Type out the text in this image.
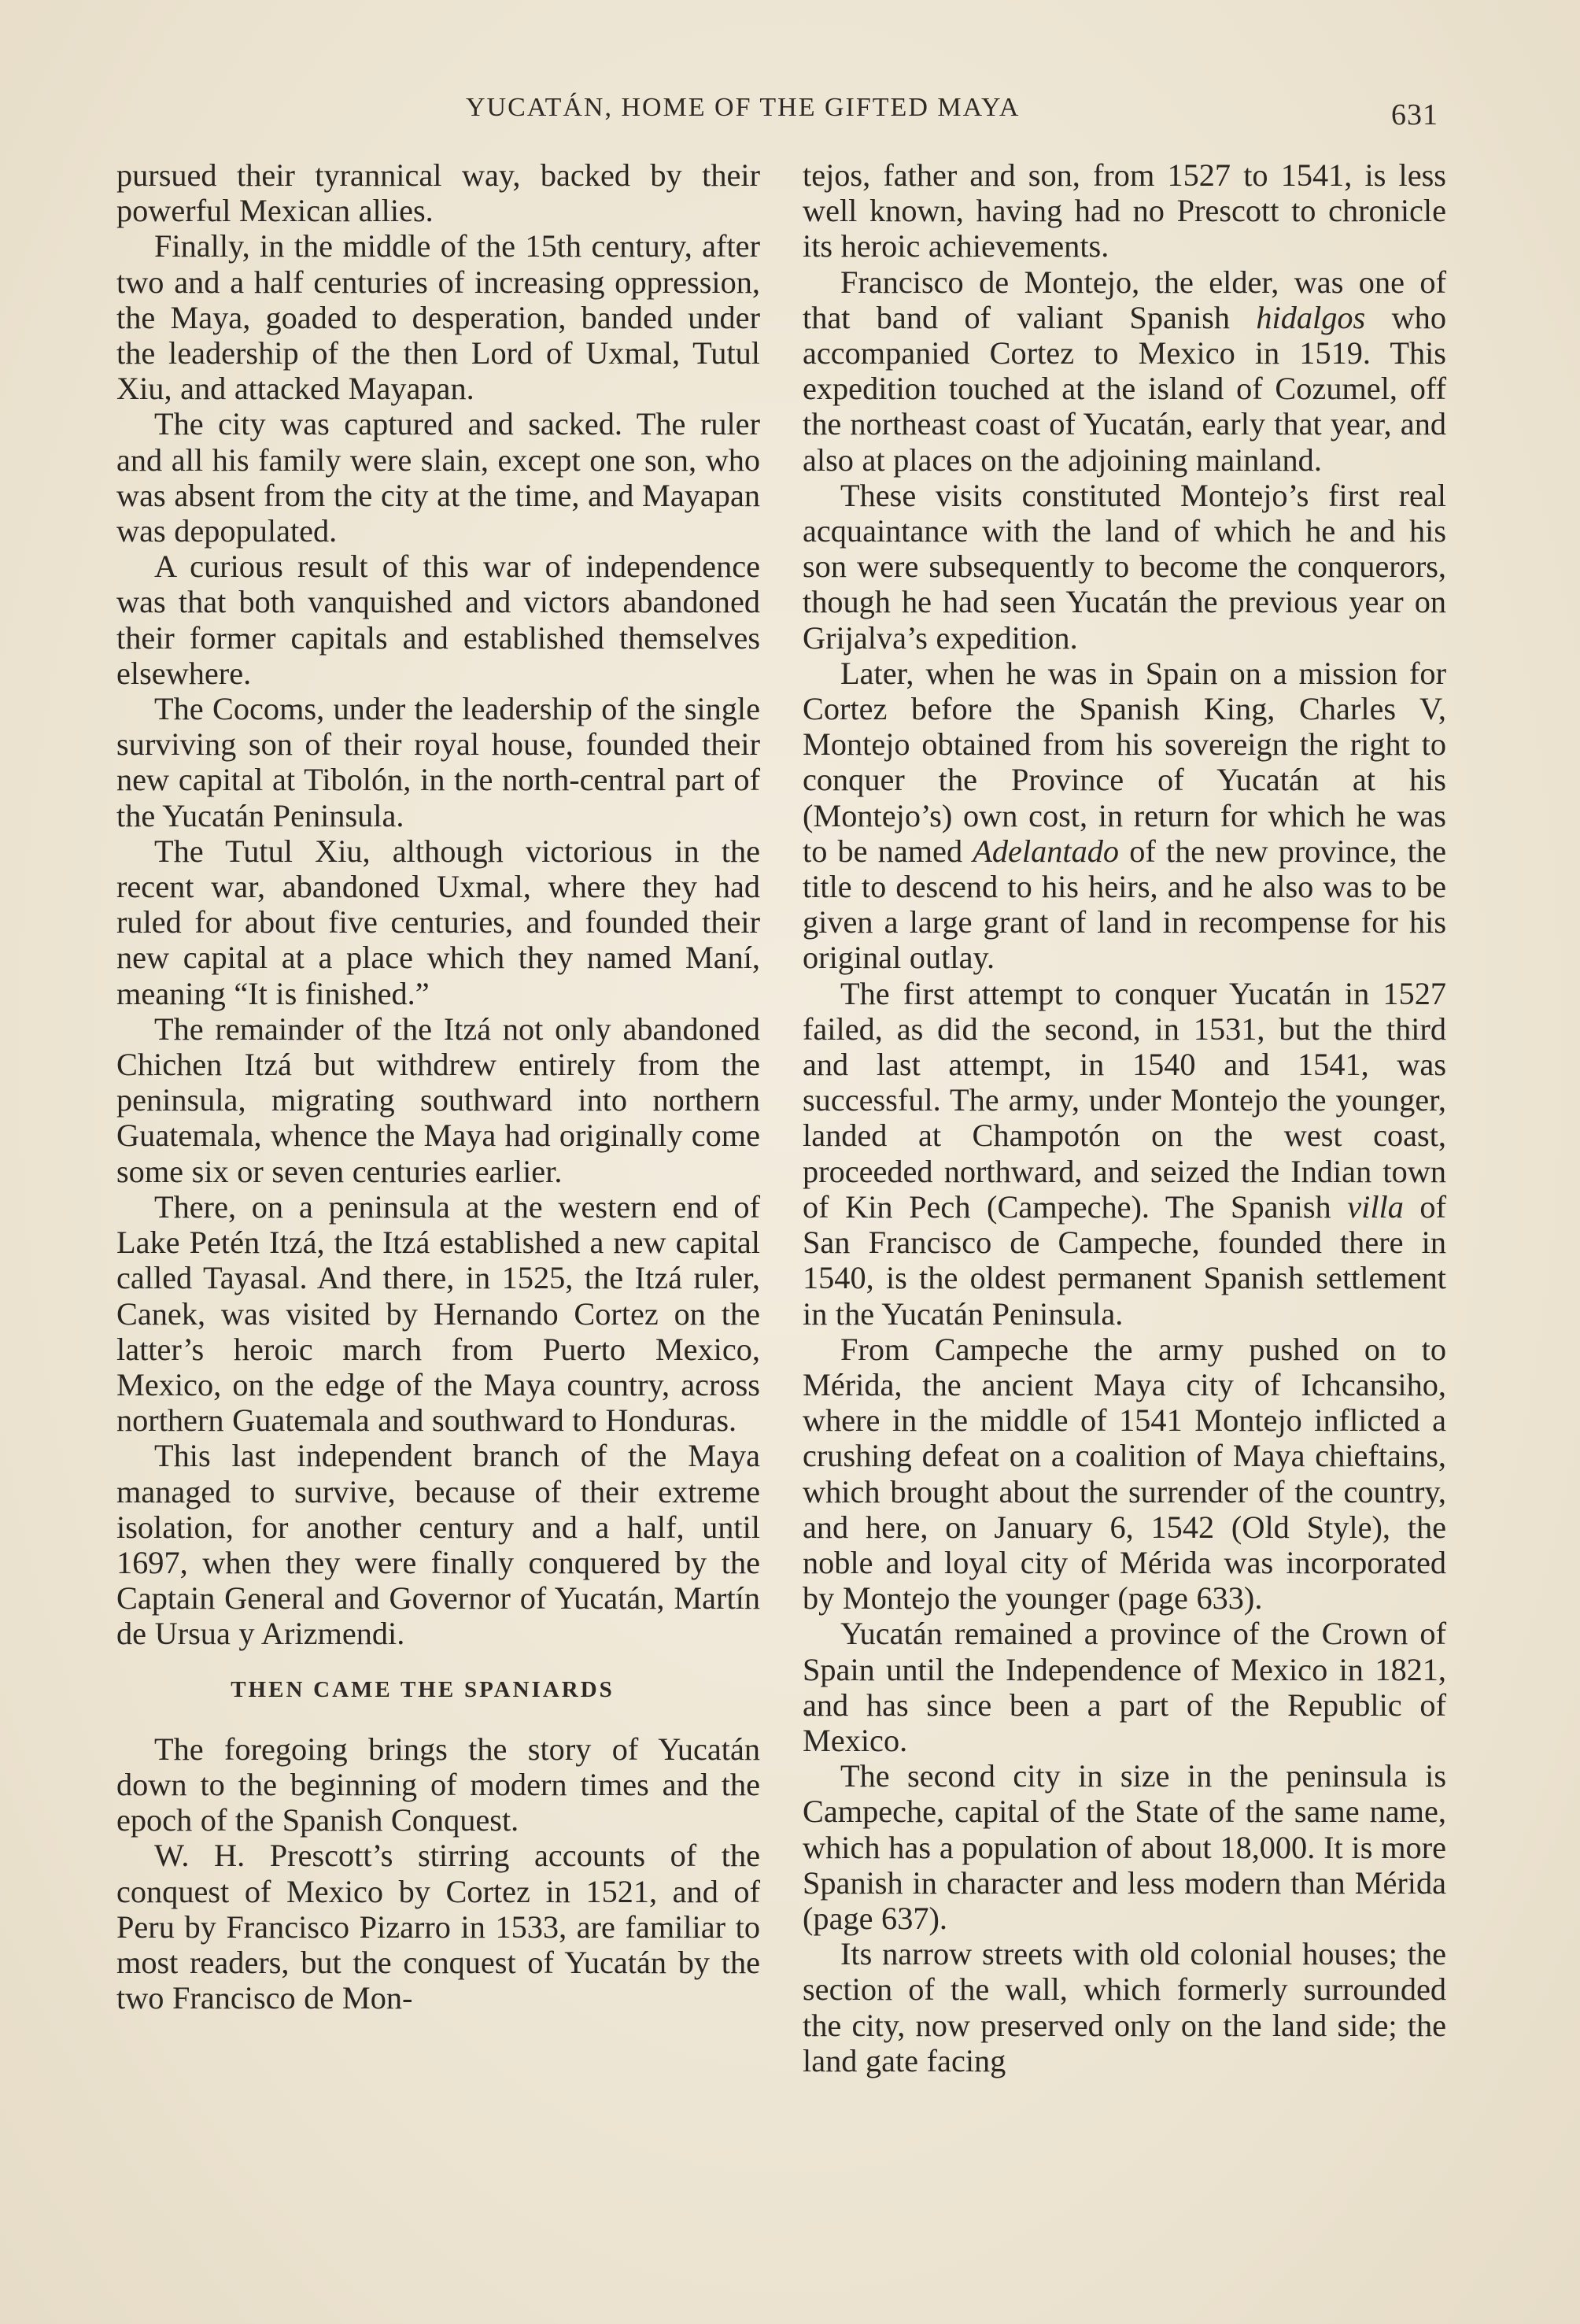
YUCATÁN, HOME OF THE GIFTED MAYA	631

pursued their tyrannical way, backed by their powerful Mexican allies.

Finally, in the middle of the 15th century, after two and a half centuries of increasing oppression, the Maya, goaded to desperation, banded under the leadership of the then Lord of Uxmal, Tutul Xiu, and attacked Mayapan.

The city was captured and sacked. The ruler and all his family were slain, except one son, who was absent from the city at the time, and Mayapan was depopulated.

A curious result of this war of independence was that both vanquished and victors abandoned their former capitals and established themselves elsewhere.

The Cocoms, under the leadership of the single surviving son of their royal house, founded their new capital at Tibolón, in the north-central part of the Yucatán Peninsula.

The Tutul Xiu, although victorious in the recent war, abandoned Uxmal, where they had ruled for about five centuries, and founded their new capital at a place which they named Maní, meaning “It is finished.”

The remainder of the Itzá not only abandoned Chichen Itzá but withdrew entirely from the peninsula, migrating southward into northern Guatemala, whence the Maya had originally come some six or seven centuries earlier.

There, on a peninsula at the western end of Lake Petén Itzá, the Itzá established a new capital called Tayasal. And there, in 1525, the Itzá ruler, Canek, was visited by Hernando Cortez on the latter’s heroic march from Puerto Mexico, Mexico, on the edge of the Maya country, across northern Guatemala and southward to Honduras.

This last independent branch of the Maya managed to survive, because of their extreme isolation, for another century and a half, until 1697, when they were finally conquered by the Captain General and Governor of Yucatán, Martín de Ursua y Arizmendi.

THEN CAME THE SPANIARDS

The foregoing brings the story of Yucatán down to the beginning of modern times and the epoch of the Spanish Conquest.

W. H. Prescott’s stirring accounts of the conquest of Mexico by Cortez in 1521, and of Peru by Francisco Pizarro in 1533, are familiar to most readers, but the conquest of Yucatán by the two Francisco de Mon-

tejos, father and son, from 1527 to 1541, is less well known, having had no Prescott to chronicle its heroic achievements.

Francisco de Montejo, the elder, was one of that band of valiant Spanish hidalgos who accompanied Cortez to Mexico in 1519. This expedition touched at the island of Cozumel, off the northeast coast of Yucatán, early that year, and also at places on the adjoining mainland.

These visits constituted Montejo’s first real acquaintance with the land of which he and his son were subsequently to become the conquerors, though he had seen Yucatán the previous year on Grijalva’s expedition.

Later, when he was in Spain on a mission for Cortez before the Spanish King, Charles V, Montejo obtained from his sovereign the right to conquer the Province of Yucatán at his (Montejo’s) own cost, in return for which he was to be named Adelantado of the new province, the title to descend to his heirs, and he also was to be given a large grant of land in recompense for his original outlay.

The first attempt to conquer Yucatán in 1527 failed, as did the second, in 1531, but the third and last attempt, in 1540 and 1541, was successful. The army, under Montejo the younger, landed at Champotón on the west coast, proceeded northward, and seized the Indian town of Kin Pech (Campeche). The Spanish villa of San Francisco de Campeche, founded there in 1540, is the oldest permanent Spanish settlement in the Yucatán Peninsula.

From Campeche the army pushed on to Mérida, the ancient Maya city of Ichcansiho, where in the middle of 1541 Montejo inflicted a crushing defeat on a coalition of Maya chieftains, which brought about the surrender of the country, and here, on January 6, 1542 (Old Style), the noble and loyal city of Mérida was incorporated by Montejo the younger (page 633).

Yucatán remained a province of the Crown of Spain until the Independence of Mexico in 1821, and has since been a part of the Republic of Mexico.

The second city in size in the peninsula is Campeche, capital of the State of the same name, which has a population of about 18,000. It is more Spanish in character and less modern than Mérida (page 637).

Its narrow streets with old colonial houses; the section of the wall, which formerly surrounded the city, now preserved only on the land side; the land gate facing
